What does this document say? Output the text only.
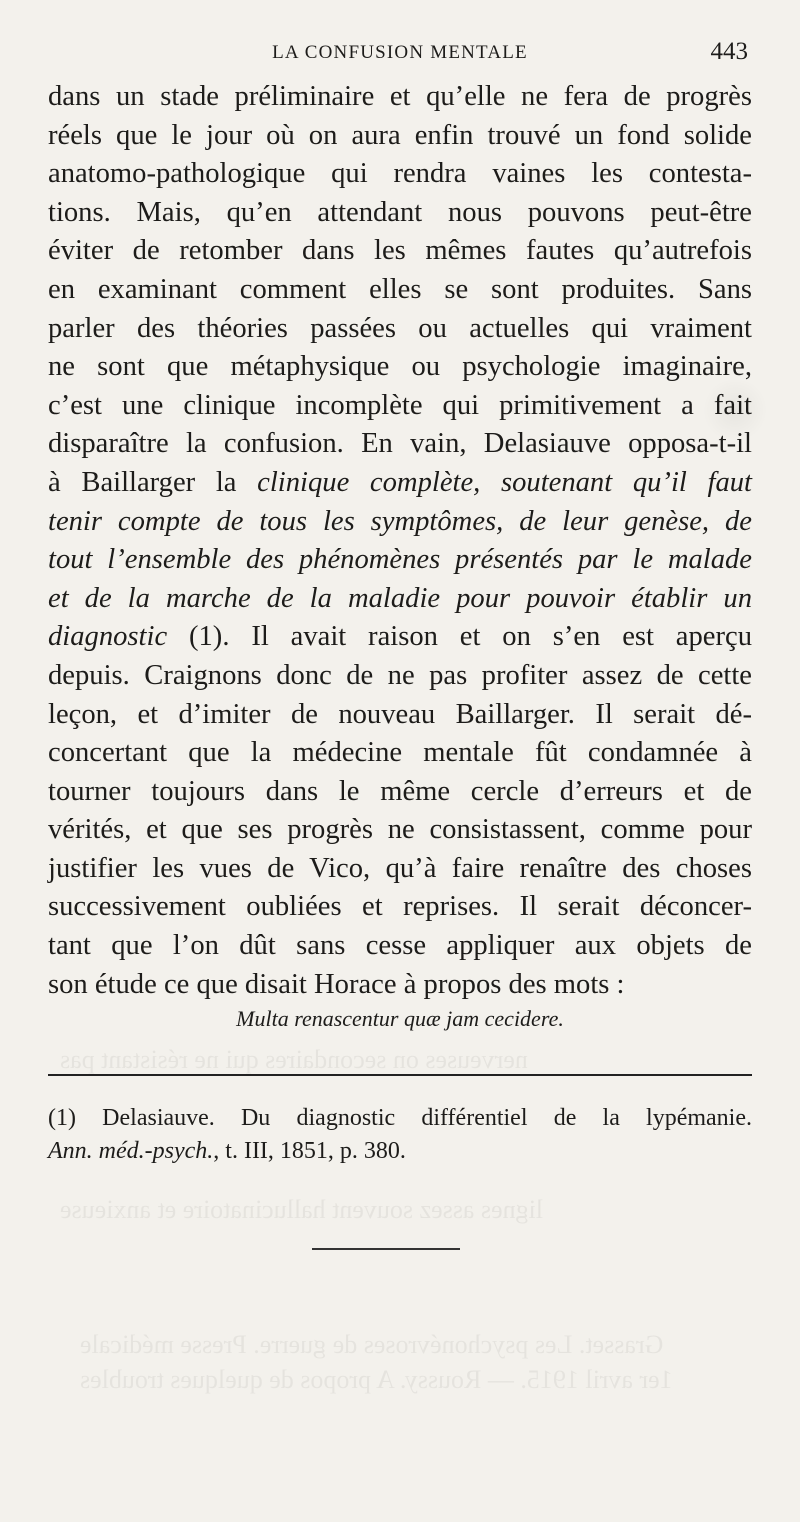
nerveuses on secondaires qui ne résistant pas
lignes assez souvent hallucinatoire et anxieuse
Grasset. Les psychonévroses de guerre. Presse médicale
1er avril 1915. — Roussy. A propos de quelques troubles
LA CONFUSION MENTALE	443
dans un stade préliminaire et qu’elle ne fera de progrès
réels que le jour où on aura enfin trouvé un fond solide
anatomo-pathologique qui rendra vaines les contesta-
tions. Mais, qu’en attendant nous pouvons peut-être
éviter de retomber dans les mêmes fautes qu’autrefois
en examinant comment elles se sont produites. Sans
parler des théories passées ou actuelles qui vraiment
ne sont que métaphysique ou psychologie imaginaire,
c’est une clinique incomplète qui primitivement a fait
disparaître la confusion. En vain, Delasiauve opposa-t-il
à Baillarger la clinique complète, soutenant qu’il faut
tenir compte de tous les symptômes, de leur genèse, de
tout l’ensemble des phénomènes présentés par le malade
et de la marche de la maladie pour pouvoir établir un
diagnostic (1). Il avait raison et on s’en est aperçu
depuis. Craignons donc de ne pas profiter assez de cette
leçon, et d’imiter de nouveau Baillarger. Il serait dé-
concertant que la médecine mentale fût condamnée à
tourner toujours dans le même cercle d’erreurs et de
vérités, et que ses progrès ne consistassent, comme pour
justifier les vues de Vico, qu’à faire renaître des choses
successivement oubliées et reprises. Il serait déconcer-
tant que l’on dût sans cesse appliquer aux objets de
son étude ce que disait Horace à propos des mots :
Multa renascentur quæ jam cecidere.
(1) Delasiauve. Du diagnostic différentiel de la lypémanie.
Ann. méd.-psych., t. III, 1851, p. 380.
